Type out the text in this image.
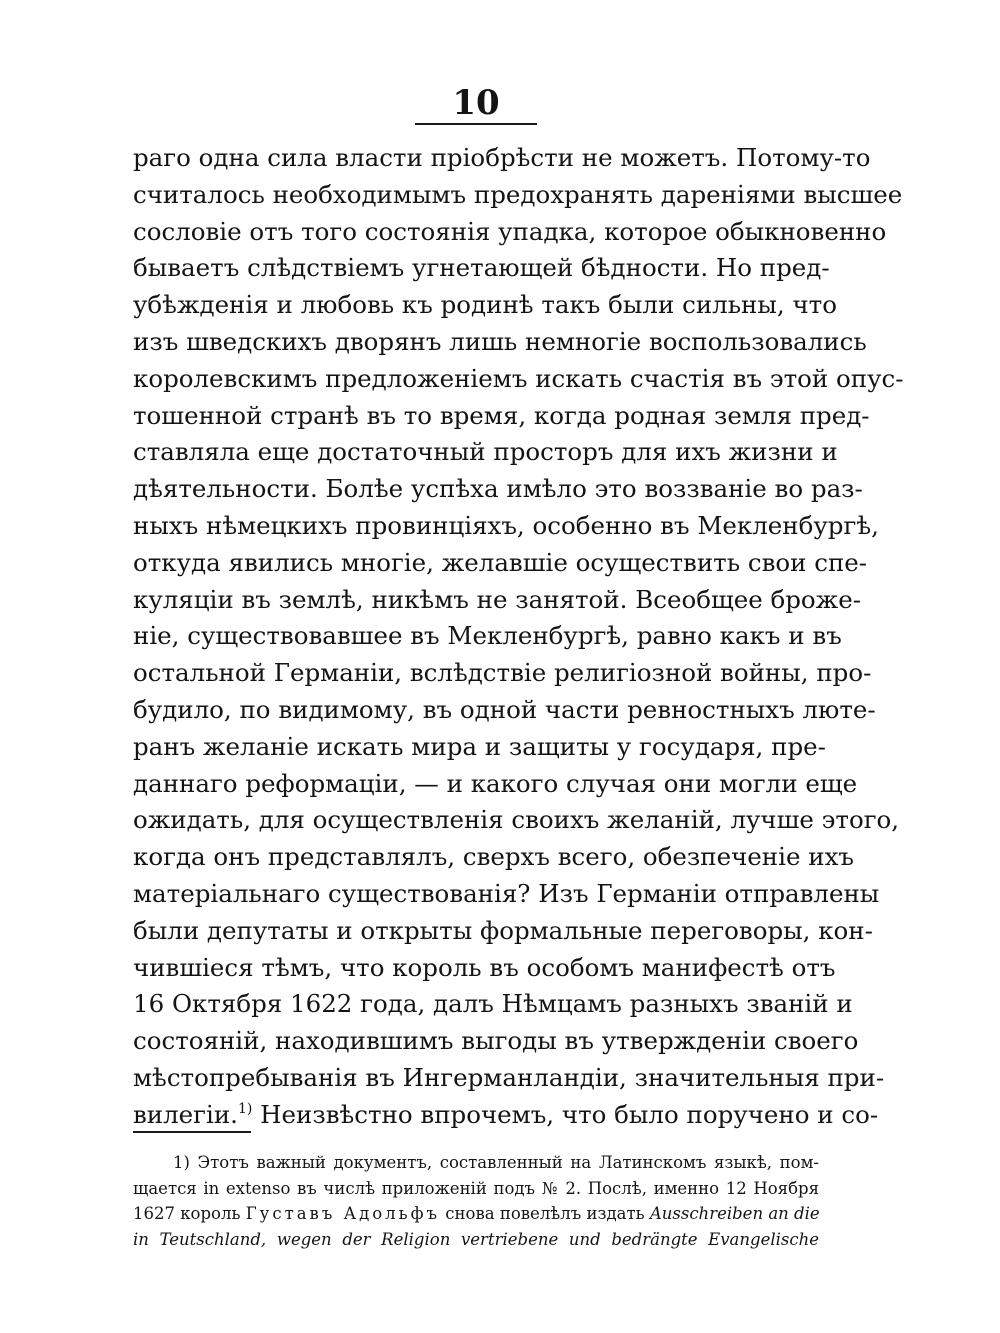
10
раго одна сила власти пріобрѣсти не можетъ. Потому-то
считалось необходимымъ предохранять дареніями высшее
сословіе отъ того состоянія упадка, которое обыкновенно
бываетъ слѣдствіемъ угнетающей бѣдности. Но пред-
убѣжденія и любовь къ родинѣ такъ были сильны, что
изъ шведскихъ дворянъ лишь немногіе воспользовались
королевскимъ предложеніемъ искать счастія въ этой опус-
тошенной странѣ въ то время, когда родная земля пред-
ставляла еще достаточный просторъ для ихъ жизни и
дѣятельности. Болѣе успѣха имѣло это воззваніе во раз-
ныхъ нѣмецкихъ провинціяхъ, особенно въ Мекленбургѣ,
откуда явились многіе, желавшіе осуществить свои спе-
куляціи въ землѣ, никѣмъ не занятой. Всеобщее броже-
ніе, существовавшее въ Мекленбургѣ, равно какъ и въ
остальной Германіи, вслѣдствіе религіозной войны, про-
будило, по видимому, въ одной части ревностныхъ люте-
ранъ желаніе искать мира и защиты у государя, пре-
даннаго реформаціи, — и какого случая они могли еще
ожидать, для осуществленія своихъ желаній, лучше этого,
когда онъ представлялъ, сверхъ всего, обезпеченіе ихъ
матеріальнаго существованія? Изъ Германіи отправлены
были депутаты и открыты формальные переговоры, кон-
чившіеся тѣмъ, что король въ особомъ манифестѣ отъ
16 Октября 1622 года, далъ Нѣмцамъ разныхъ званій и
состояній, находившимъ выгоды въ утвержденіи своего
мѣстопребыванія въ Ингерманландіи, значительныя при-
вилегіи.$^{1)}$ Неизвѣстно впрочемъ, что было поручено и со-
1) Этотъ важный документъ, составленный на Латинскомъ языкѣ, пом-
щается in extenso въ числѣ приложеній подъ № 2. Послѣ, именно 12 Ноября
1627 король Густавъ Адольфъ снова повелѣлъ издать Ausschreiben an die
in Teutschland, wegen der Religion vertriebene und bedrängte Evangelische
